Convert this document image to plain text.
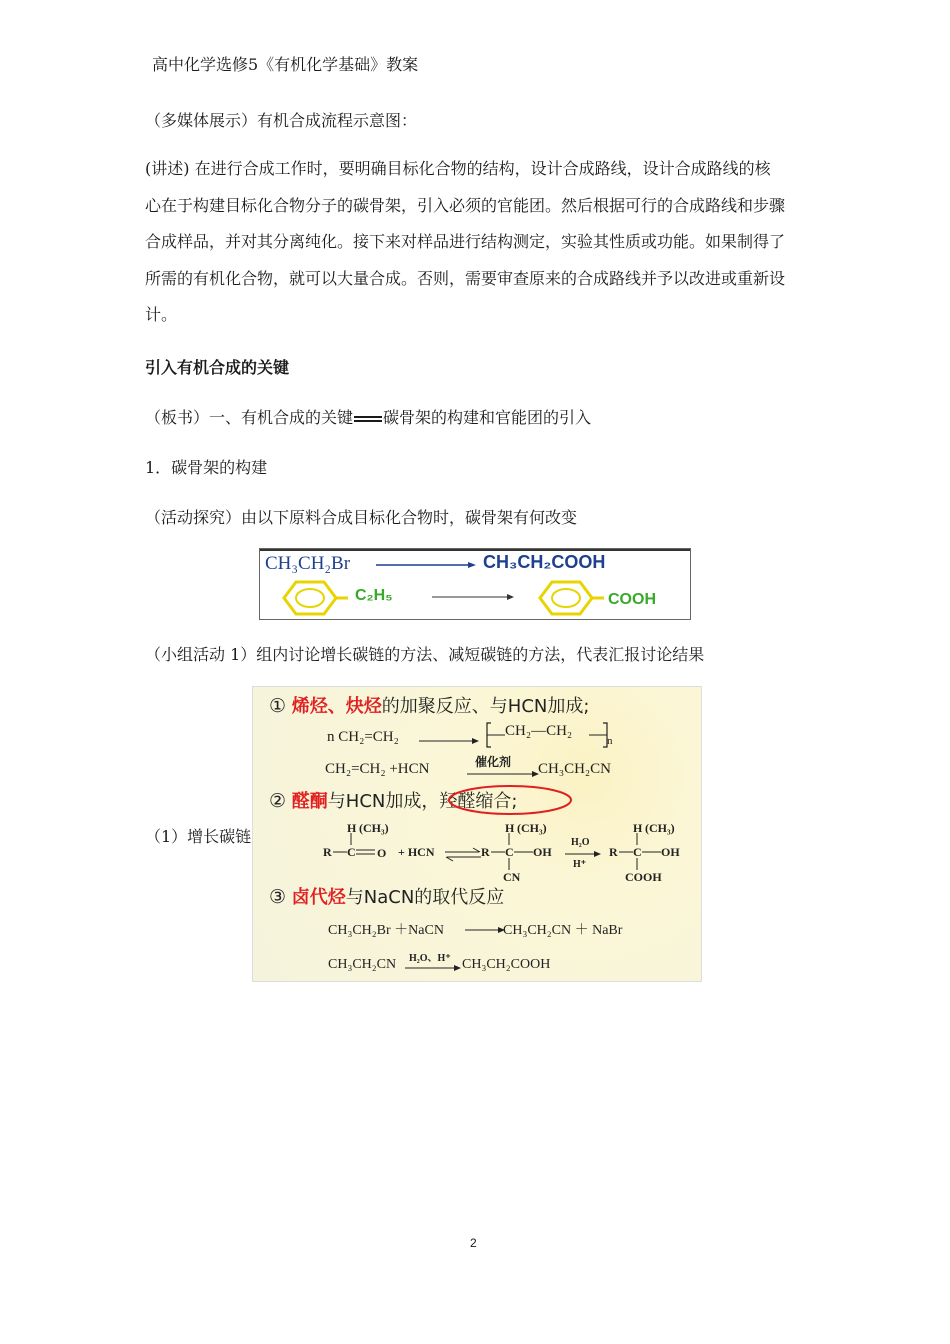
高中化学选修5《有机化学基础》教案
（多媒体展示）有机合成流程示意图：
(讲述) 在进行合成工作时，要明确目标化合物的结构，设计合成路线，设计合成路线的核
心在于构建目标化合物分子的碳骨架，引入必须的官能团。然后根据可行的合成路线和步骤
合成样品，并对其分离纯化。接下来对样品进行结构测定，实验其性质或功能。如果制得了
所需的有机化合物，就可以大量合成。否则，需要审查原来的合成路线并予以改进或重新设
计。
引入有机合成的关键
（板书）一、有机合成的关键 碳骨架的构建和官能团的引入
1．碳骨架的构建
（活动探究）由以下原料合成目标化合物时，碳骨架有何改变
CH₃CH₂Br	CH₃CH₂COOH
C₂H₅	COOH
（小组活动 1）组内讨论增长碳链的方法、减短碳链的方法，代表汇报讨论结果
（1）增长碳链
① 烯烃、炔烃的加聚反应、与HCN加成;
n CH₂=CH₂ →
CH₂—CH₂
n
CH₂=CH₂ +HCN	催化剂 CH₃CH₂CN
② 醛酮与HCN加成，羟醛缩合;
H (CH₃)
R C O + HCN ⇌
H (CH₃)
R C OH
CN
H₂O
H⁺
H (CH₃)
R C OH
COOH
③ 卤代烃与NaCN的取代反应
CH₃CH₂Br ＋NaCN →
CH₃CH₂CN ＋ NaBr
CH₃CH₂CN H₂O、H⁺ → CH₃CH₂COOH
2
